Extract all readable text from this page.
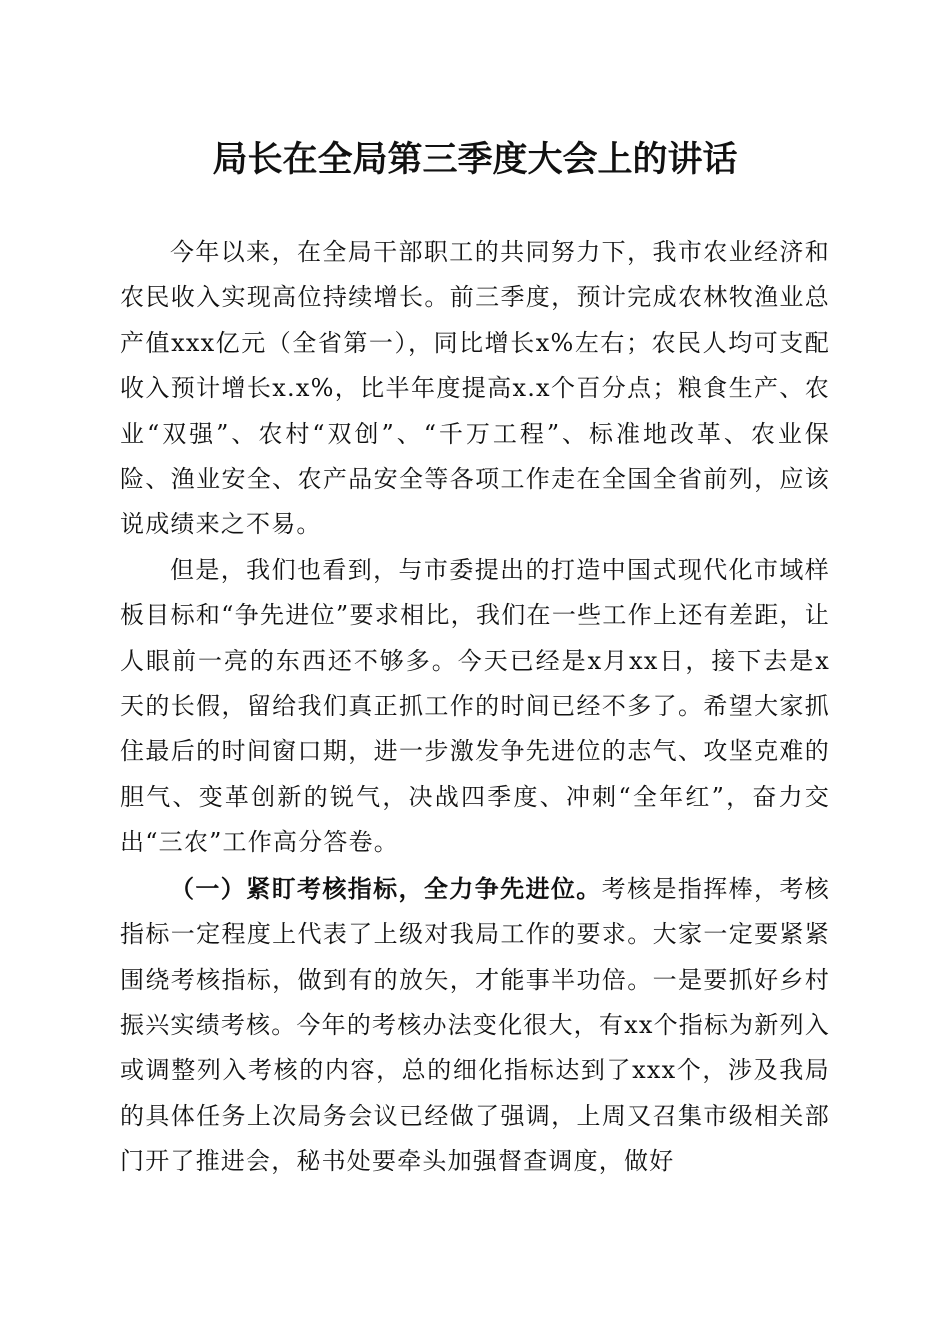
局长在全局第三季度大会上的讲话

今年以来，在全局干部职工的共同努力下，我市农业经济和农民收入实现高位持续增长。前三季度，预计完成农林牧渔业总产值xxx亿元（全省第一），同比增长x%左右；农民人均可支配收入预计增长x.x%，比半年度提高x.x个百分点；粮食生产、农业“双强”、农村“双创”、“千万工程”、标准地改革、农业保险、渔业安全、农产品安全等各项工作走在全国全省前列，应该说成绩来之不易。

但是，我们也看到，与市委提出的打造中国式现代化市域样板目标和“争先进位”要求相比，我们在一些工作上还有差距，让人眼前一亮的东西还不够多。今天已经是x月xx日，接下去是x天的长假，留给我们真正抓工作的时间已经不多了。希望大家抓住最后的时间窗口期，进一步激发争先进位的志气、攻坚克难的胆气、变革创新的锐气，决战四季度、冲刺“全年红”，奋力交出“三农”工作高分答卷。

（一）紧盯考核指标，全力争先进位。考核是指挥棒，考核指标一定程度上代表了上级对我局工作的要求。大家一定要紧紧围绕考核指标，做到有的放矢，才能事半功倍。一是要抓好乡村振兴实绩考核。今年的考核办法变化很大，有xx个指标为新列入或调整列入考核的内容，总的细化指标达到了xxx个，涉及我局的具体任务上次局务会议已经做了强调，上周又召集市级相关部门开了推进会，秘书处要牵头加强督查调度，做好
